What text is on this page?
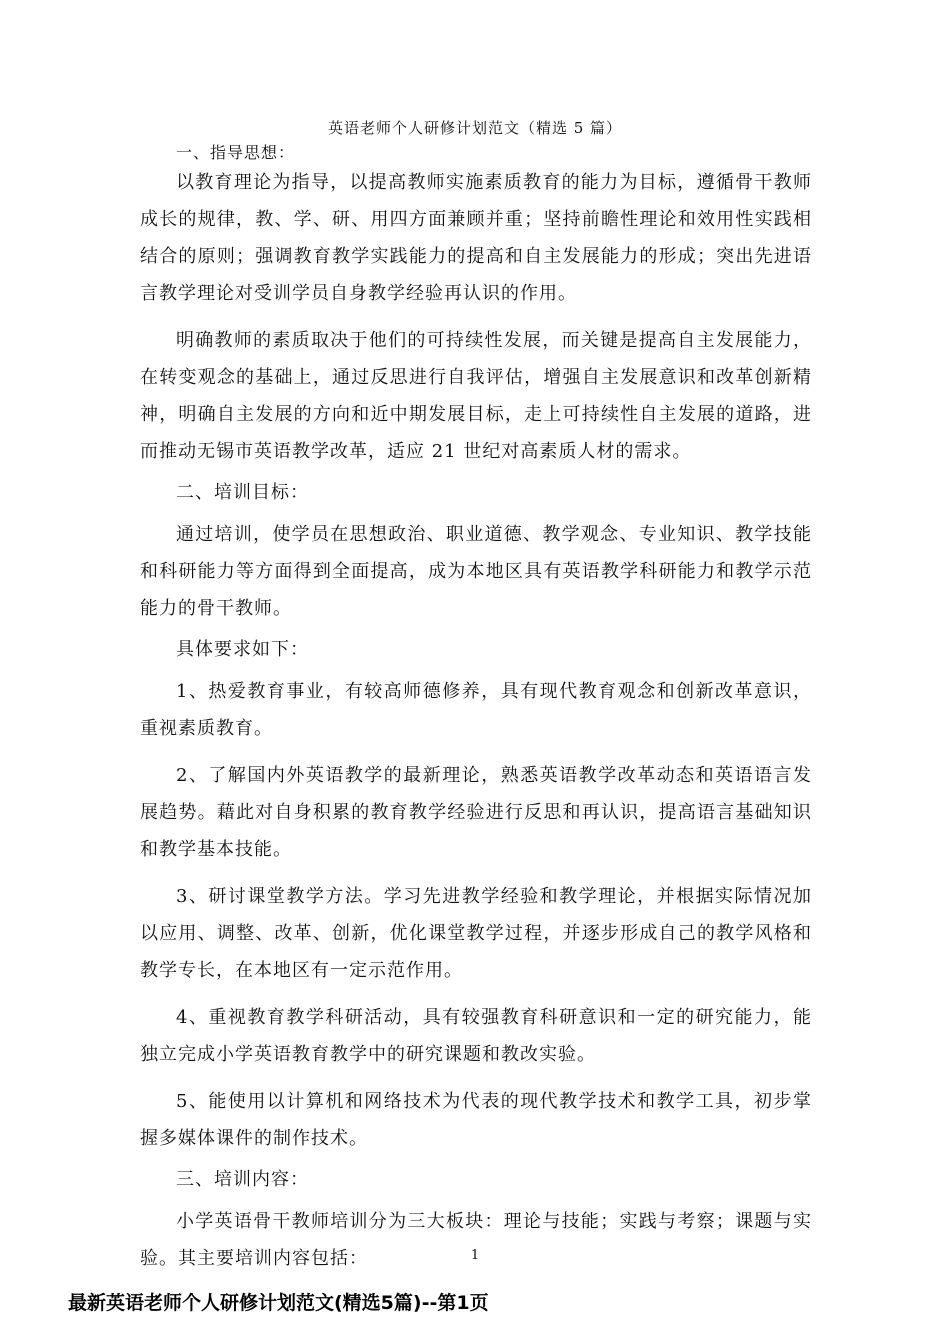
英语老师个人研修计划范文（精选 5 篇）

一、指导思想：

以教育理论为指导，以提高教师实施素质教育的能力为目标，遵循骨干教师成长的规律，教、学、研、用四方面兼顾并重；坚持前瞻性理论和效用性实践相结合的原则；强调教育教学实践能力的提高和自主发展能力的形成；突出先进语言教学理论对受训学员自身教学经验再认识的作用。

明确教师的素质取决于他们的可持续性发展，而关键是提高自主发展能力，在转变观念的基础上，通过反思进行自我评估，增强自主发展意识和改革创新精神，明确自主发展的方向和近中期发展目标，走上可持续性自主发展的道路，进而推动无锡市英语教学改革，适应 21 世纪对高素质人材的需求。

二、培训目标：

通过培训，使学员在思想政治、职业道德、教学观念、专业知识、教学技能和科研能力等方面得到全面提高，成为本地区具有英语教学科研能力和教学示范能力的骨干教师。

具体要求如下：

1、热爱教育事业，有较高师德修养，具有现代教育观念和创新改革意识，重视素质教育。

2、了解国内外英语教学的最新理论，熟悉英语教学改革动态和英语语言发展趋势。藉此对自身积累的教育教学经验进行反思和再认识，提高语言基础知识和教学基本技能。

3、研讨课堂教学方法。学习先进教学经验和教学理论，并根据实际情况加以应用、调整、改革、创新，优化课堂教学过程，并逐步形成自己的教学风格和教学专长，在本地区有一定示范作用。

4、重视教育教学科研活动，具有较强教育科研意识和一定的研究能力，能独立完成小学英语教育教学中的研究课题和教改实验。

5、能使用以计算机和网络技术为代表的现代教学技术和教学工具，初步掌握多媒体课件的制作技术。

三、培训内容：

小学英语骨干教师培训分为三大板块：理论与技能；实践与考察；课题与实验。其主要培训内容包括：	1
最新英语老师个人研修计划范文(精选5篇)--第1页
